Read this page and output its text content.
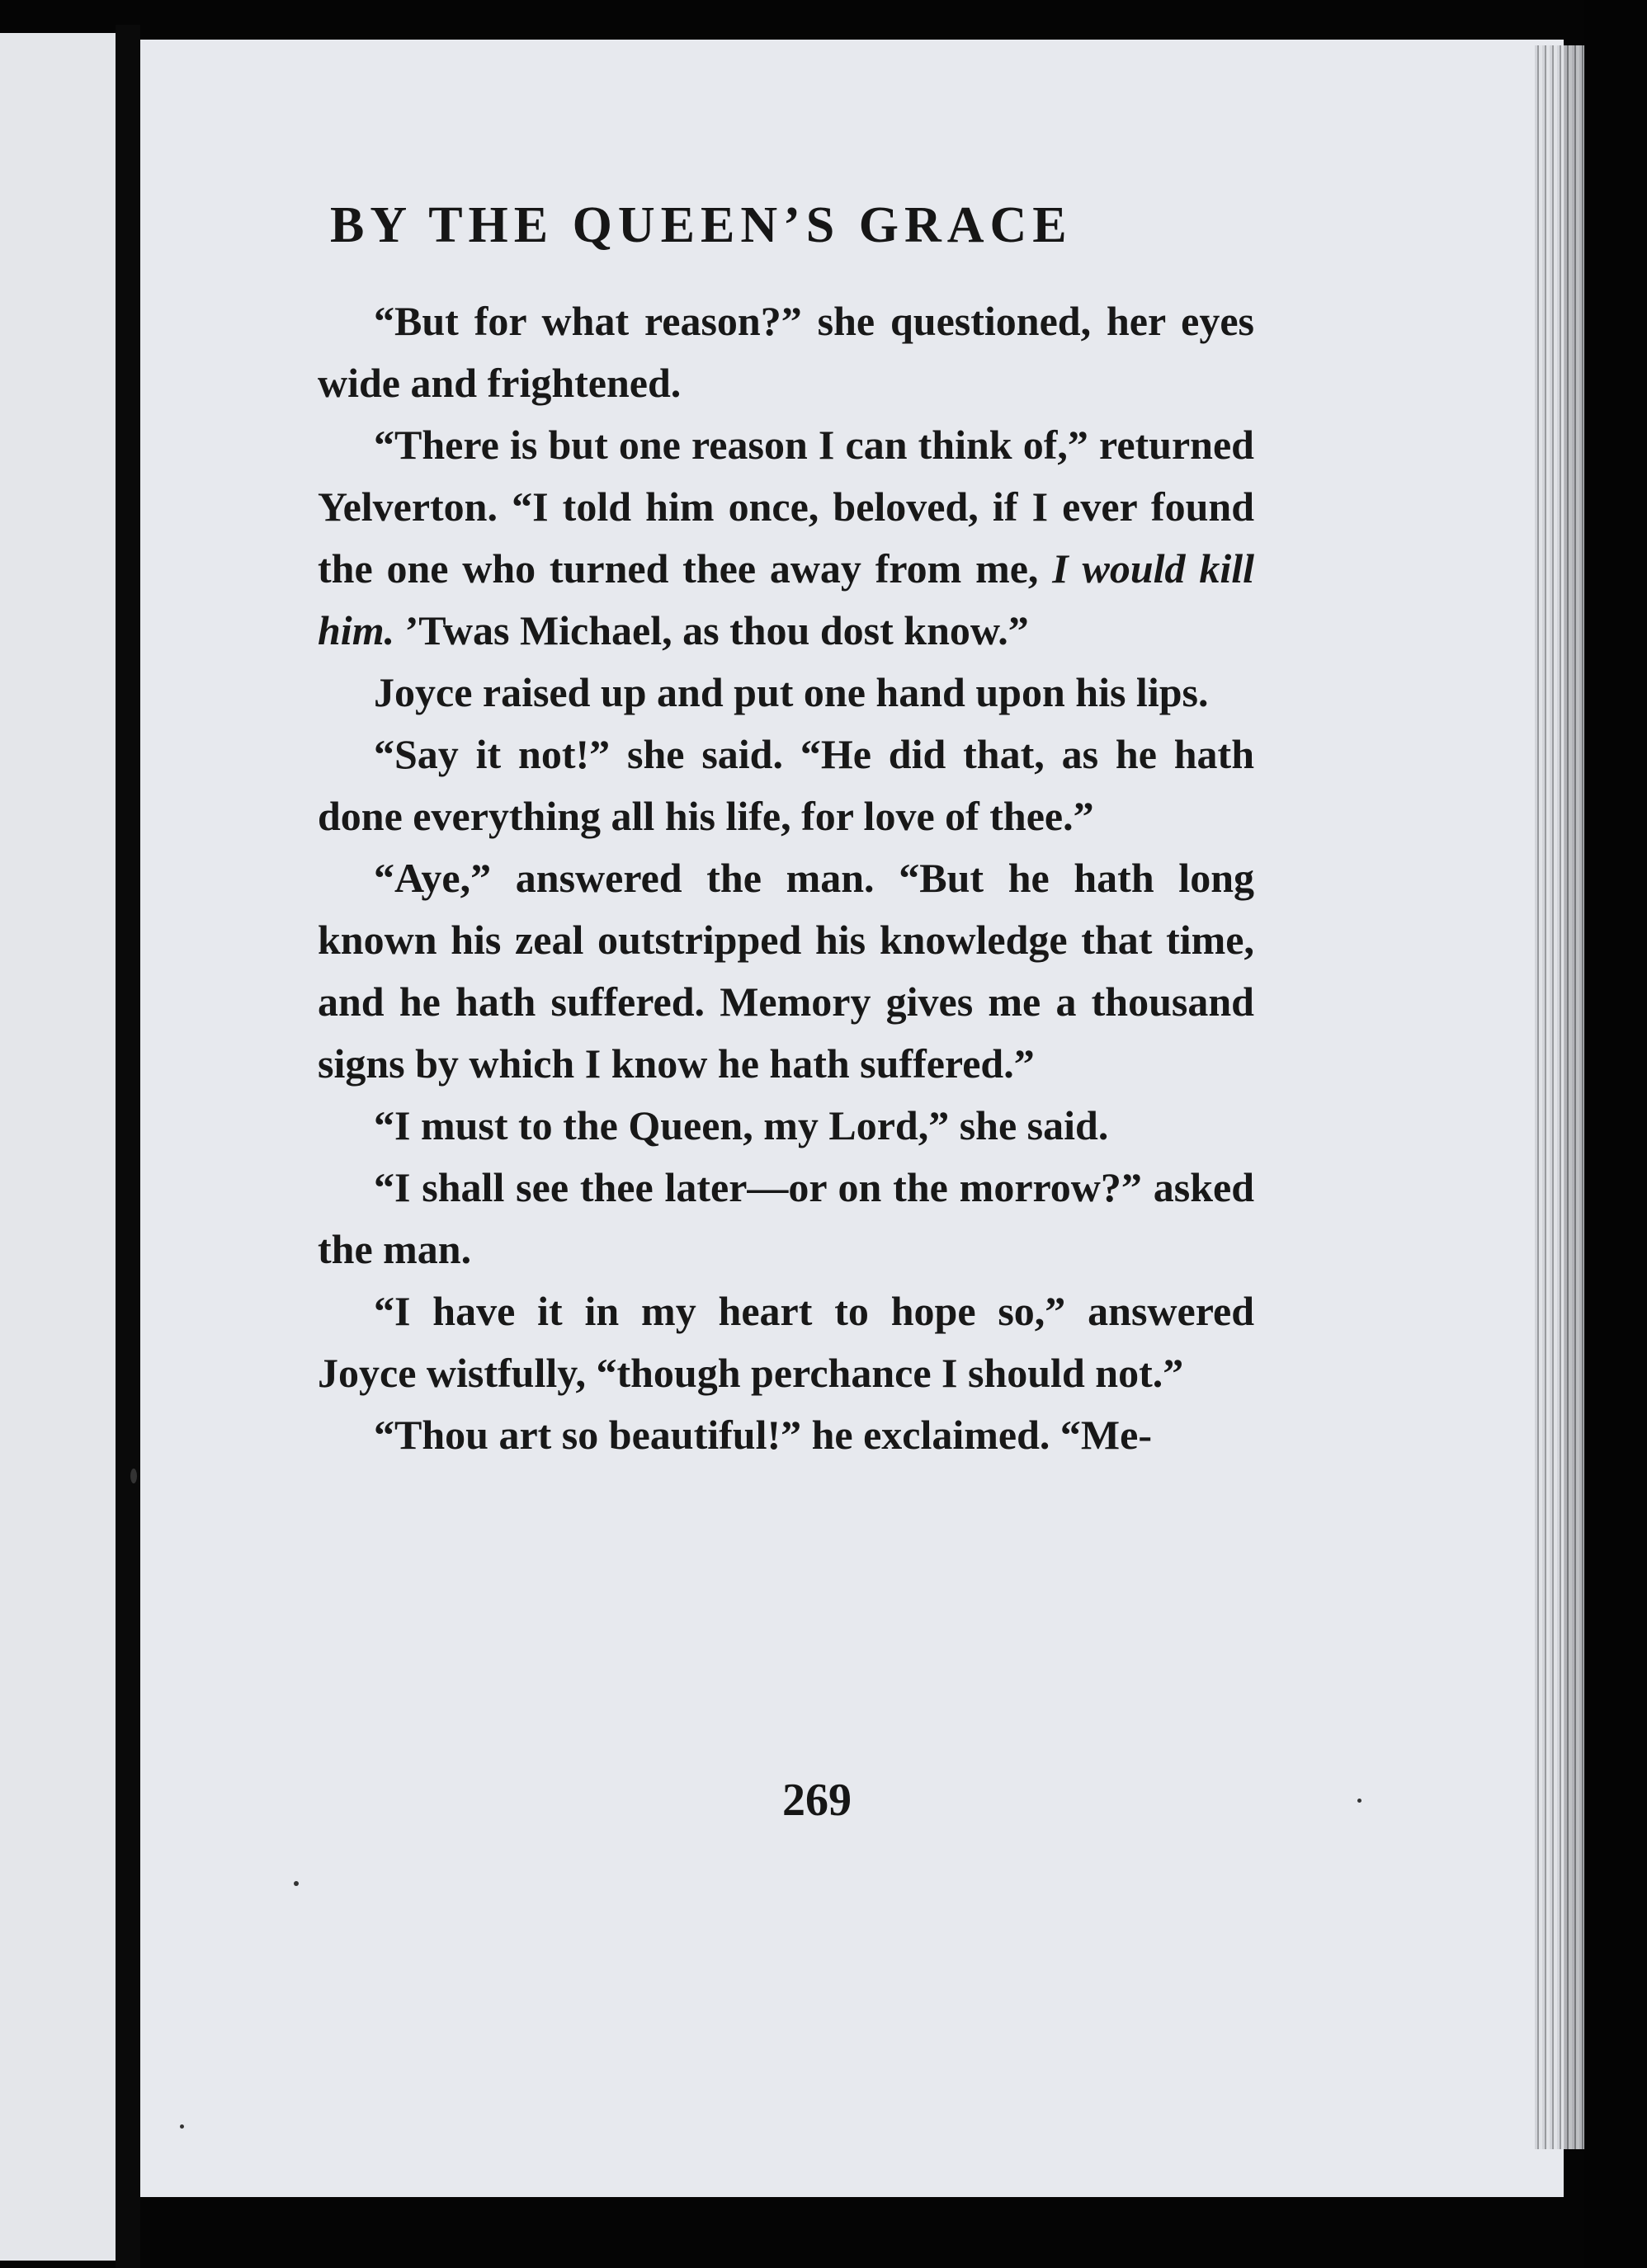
BY THE QUEEN’S GRACE

“But for what reason?” she questioned, her eyes wide and frightened.

“There is but one reason I can think of,” returned Yelverton. “I told him once, beloved, if I ever found the one who turned thee away from me, I would kill him. ’Twas Michael, as thou dost know.”

Joyce raised up and put one hand upon his lips.

“Say it not!” she said. “He did that, as he hath done everything all his life, for love of thee.”

“Aye,” answered the man. “But he hath long known his zeal outstripped his knowledge that time, and he hath suffered. Memory gives me a thousand signs by which I know he hath suffered.”

“I must to the Queen, my Lord,” she said.

“I shall see thee later—or on the morrow?” asked the man.

“I have it in my heart to hope so,” answered Joyce wistfully, “though perchance I should not.”

“Thou art so beautiful!” he exclaimed. “Me-

269
